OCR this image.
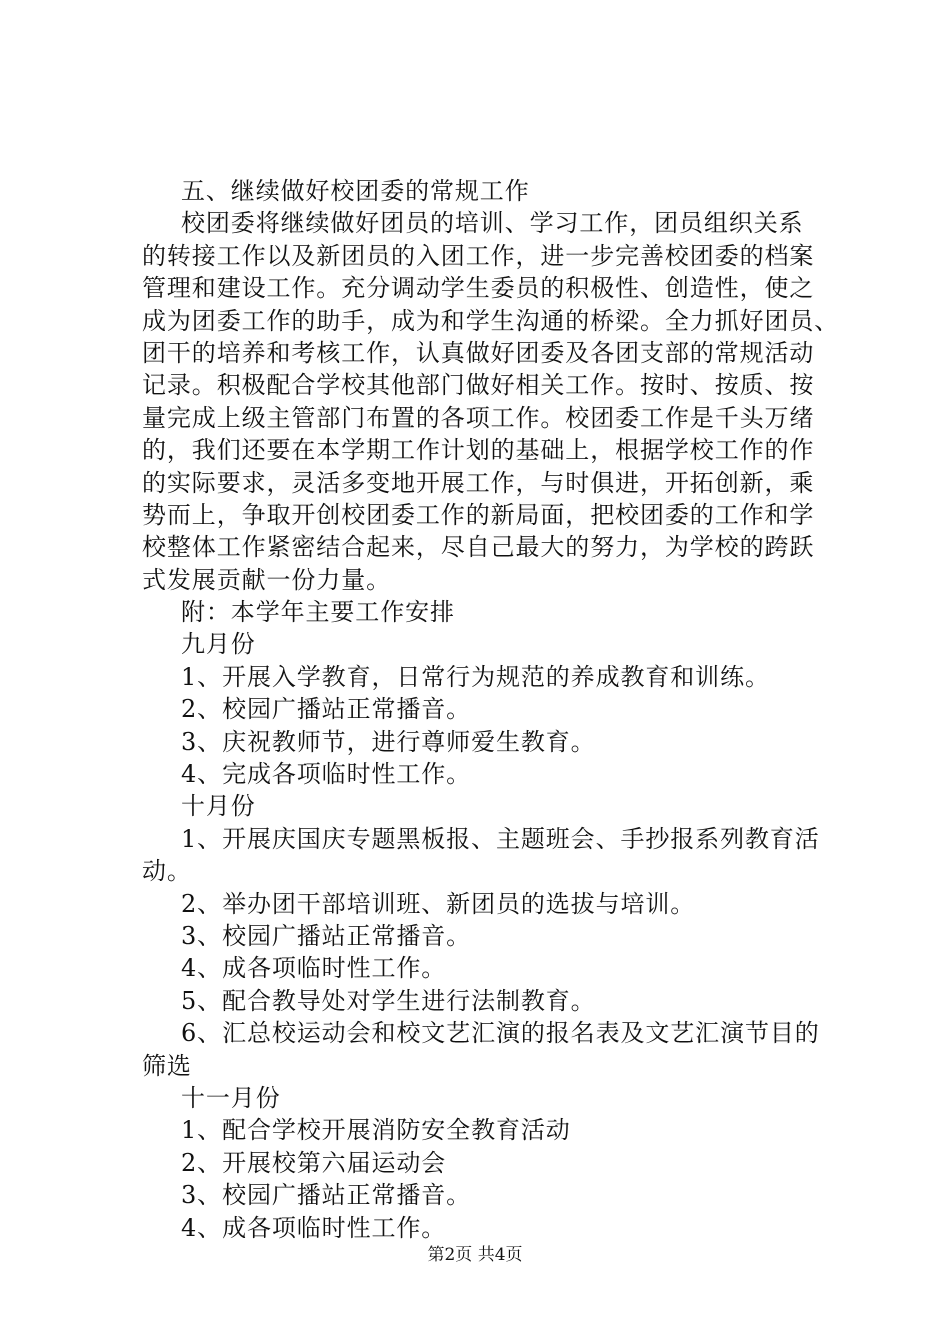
五、继续做好校团委的常规工作
校团委将继续做好团员的培训、学习工作，团员组织关系
的转接工作以及新团员的入团工作，进一步完善校团委的档案
管理和建设工作。充分调动学生委员的积极性、创造性，使之
成为团委工作的助手，成为和学生沟通的桥梁。全力抓好团员、
团干的培养和考核工作，认真做好团委及各团支部的常规活动
记录。积极配合学校其他部门做好相关工作。按时、按质、按
量完成上级主管部门布置的各项工作。校团委工作是千头万绪
的，我们还要在本学期工作计划的基础上，根据学校工作的作
的实际要求，灵活多变地开展工作，与时俱进，开拓创新，乘
势而上，争取开创校团委工作的新局面，把校团委的工作和学
校整体工作紧密结合起来，尽自己最大的努力，为学校的跨跃
式发展贡献一份力量。
附：本学年主要工作安排
九月份
1、开展入学教育，日常行为规范的养成教育和训练。
2、校园广播站正常播音。
3、庆祝教师节，进行尊师爱生教育。
4、完成各项临时性工作。
十月份
1、开展庆国庆专题黑板报、主题班会、手抄报系列教育活
动。
2、举办团干部培训班、新团员的选拔与培训。
3、校园广播站正常播音。
4、成各项临时性工作。
5、配合教导处对学生进行法制教育。
6、汇总校运动会和校文艺汇演的报名表及文艺汇演节目的
筛选
十一月份
1、配合学校开展消防安全教育活动
2、开展校第六届运动会
3、校园广播站正常播音。
4、成各项临时性工作。
第2页 共4页
